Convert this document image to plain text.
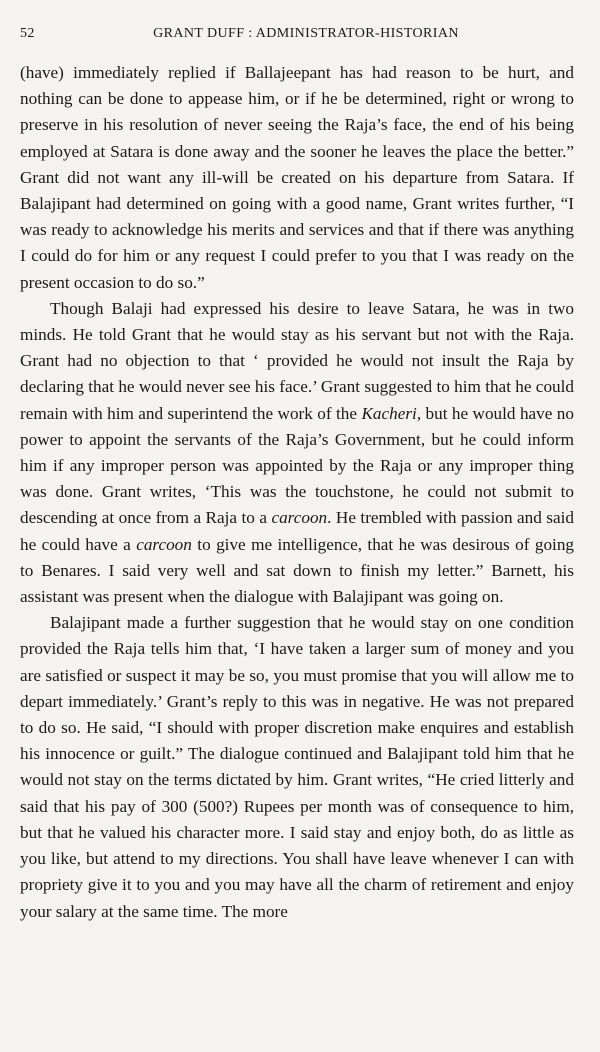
52	GRANT DUFF : ADMINISTRATOR-HISTORIAN

(have) immediately replied if Ballajeepant has had reason to be hurt, and nothing can be done to appease him, or if he be determined, right or wrong to preserve in his resolution of never seeing the Raja’s face, the end of his being employed at Satara is done away and the sooner he leaves the place the better.” Grant did not want any ill-will be created on his departure from Satara. If Balajipant had determined on going with a good name, Grant writes further, “I was ready to acknowledge his merits and services and that if there was anything I could do for him or any request I could prefer to you that I was ready on the present occasion to do so.”

Though Balaji had expressed his desire to leave Satara, he was in two minds. He told Grant that he would stay as his servant but not with the Raja. Grant had no objection to that ‘ provided he would not insult the Raja by declaring that he would never see his face.’ Grant suggested to him that he could remain with him and superintend the work of the Kacheri, but he would have no power to appoint the servants of the Raja’s Government, but he could inform him if any improper person was appointed by the Raja or any improper thing was done. Grant writes, ‘This was the touchstone, he could not submit to descending at once from a Raja to a carcoon. He trembled with passion and said he could have a carcoon to give me intelligence, that he was desirous of going to Benares. I said very well and sat down to finish my letter.” Barnett, his assistant was present when the dialogue with Balajipant was going on.

Balajipant made a further suggestion that he would stay on one condition provided the Raja tells him that, ‘I have taken a larger sum of money and you are satisfied or suspect it may be so, you must promise that you will allow me to depart immediately.’ Grant’s reply to this was in negative. He was not prepared to do so. He said, “I should with proper discretion make enquires and establish his innocence or guilt.” The dialogue continued and Balajipant told him that he would not stay on the terms dictated by him. Grant writes, “He cried litterly and said that his pay of 300 (500?) Rupees per month was of consequence to him, but that he valued his character more. I said stay and enjoy both, do as little as you like, but attend to my directions. You shall have leave whenever I can with propriety give it to you and you may have all the charm of retirement and enjoy your salary at the same time. The more
